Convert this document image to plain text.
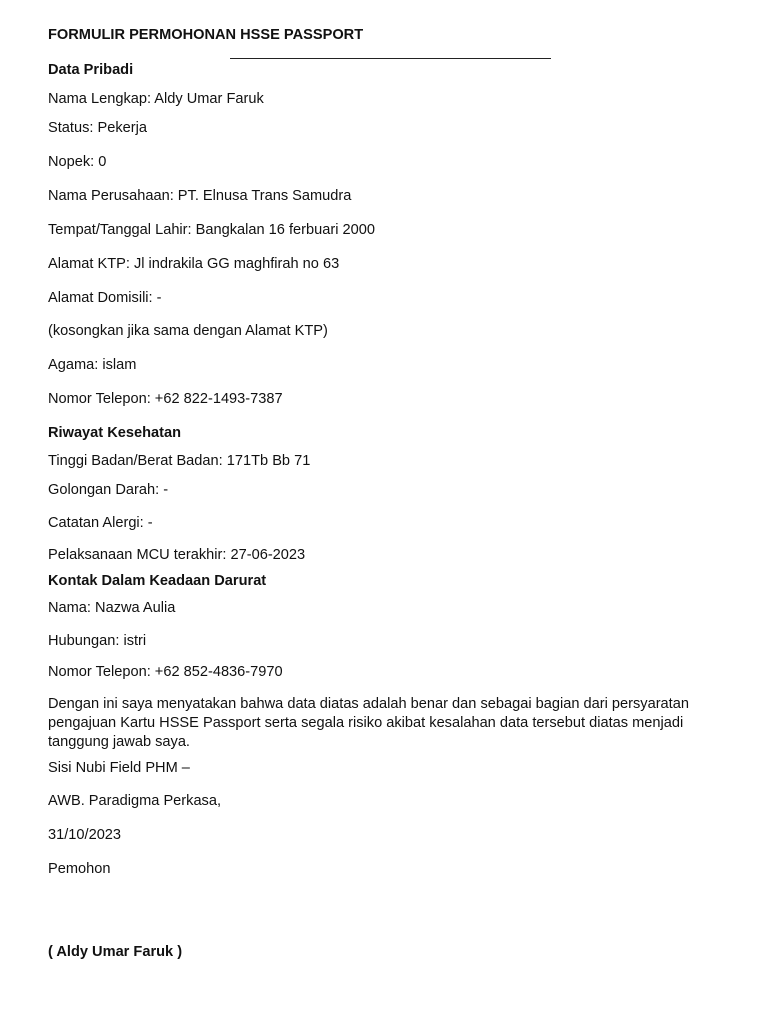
FORMULIR PERMOHONAN HSSE PASSPORT
Data Pribadi
Nama Lengkap: Aldy Umar Faruk
Status: Pekerja
Nopek: 0
Nama Perusahaan: PT. Elnusa Trans Samudra
Tempat/Tanggal Lahir: Bangkalan 16 ferbuari 2000
Alamat KTP: Jl indrakila GG maghfirah no 63
Alamat Domisili: -
(kosongkan jika sama dengan Alamat KTP)
Agama: islam
Nomor Telepon: +62 822-1493-7387
Riwayat Kesehatan
Tinggi Badan/Berat Badan: 171Tb Bb 71
Golongan Darah: -
Catatan Alergi: -
Pelaksanaan MCU terakhir: 27-06-2023
Kontak Dalam Keadaan Darurat
Nama: Nazwa Aulia
Hubungan: istri
Nomor Telepon: +62 852-4836-7970
Dengan ini saya menyatakan bahwa data diatas adalah benar dan sebagai bagian dari persyaratan pengajuan Kartu HSSE Passport serta segala risiko akibat kesalahan data tersebut diatas menjadi tanggung jawab saya.
Sisi Nubi Field PHM –
AWB. Paradigma Perkasa,
31/10/2023
Pemohon
( Aldy Umar Faruk )
